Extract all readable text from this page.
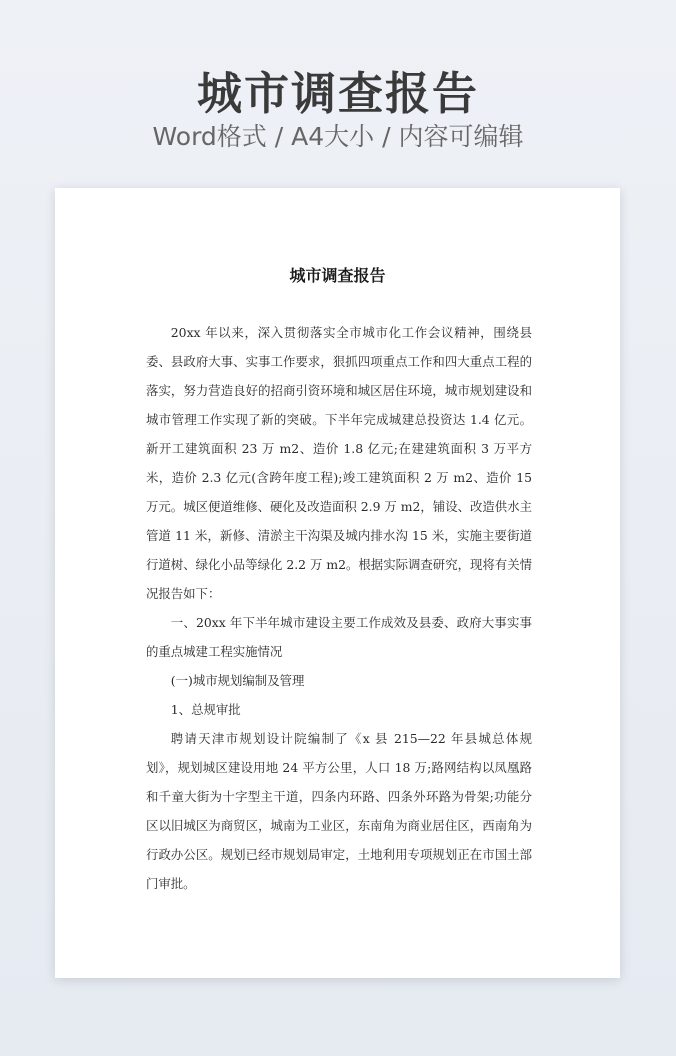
城市调查报告
Word格式 / A4大小 / 内容可编辑
城市调查报告

20xx 年以来，深入贯彻落实全市城市化工作会议精神，围绕县委、县政府大事、实事工作要求，狠抓四项重点工作和四大重点工程的落实，努力营造良好的招商引资环境和城区居住环境，城市规划建设和城市管理工作实现了新的突破。下半年完成城建总投资达 1.4 亿元。新开工建筑面积 23 万 m2、造价 1.8 亿元;在建建筑面积 3 万平方米，造价 2.3 亿元(含跨年度工程);竣工建筑面积 2 万 m2、造价 15 万元。城区便道维修、硬化及改造面积 2.9 万 m2，铺设、改造供水主管道 11 米，新修、清淤主干沟渠及城内排水沟 15 米，实施主要街道行道树、绿化小品等绿化 2.2 万 m2。根据实际调查研究，现将有关情况报告如下：

一、20xx 年下半年城市建设主要工作成效及县委、政府大事实事的重点城建工程实施情况

(一)城市规划编制及管理

1、总规审批

聘请天津市规划设计院编制了《x 县 215—22 年县城总体规划》，规划城区建设用地 24 平方公里，人口 18 万;路网结构以凤凰路和千童大街为十字型主干道，四条内环路、四条外环路为骨架;功能分区以旧城区为商贸区，城南为工业区，东南角为商业居住区，西南角为行政办公区。规划已经市规划局审定，土地利用专项规划正在市国土部门审批。
